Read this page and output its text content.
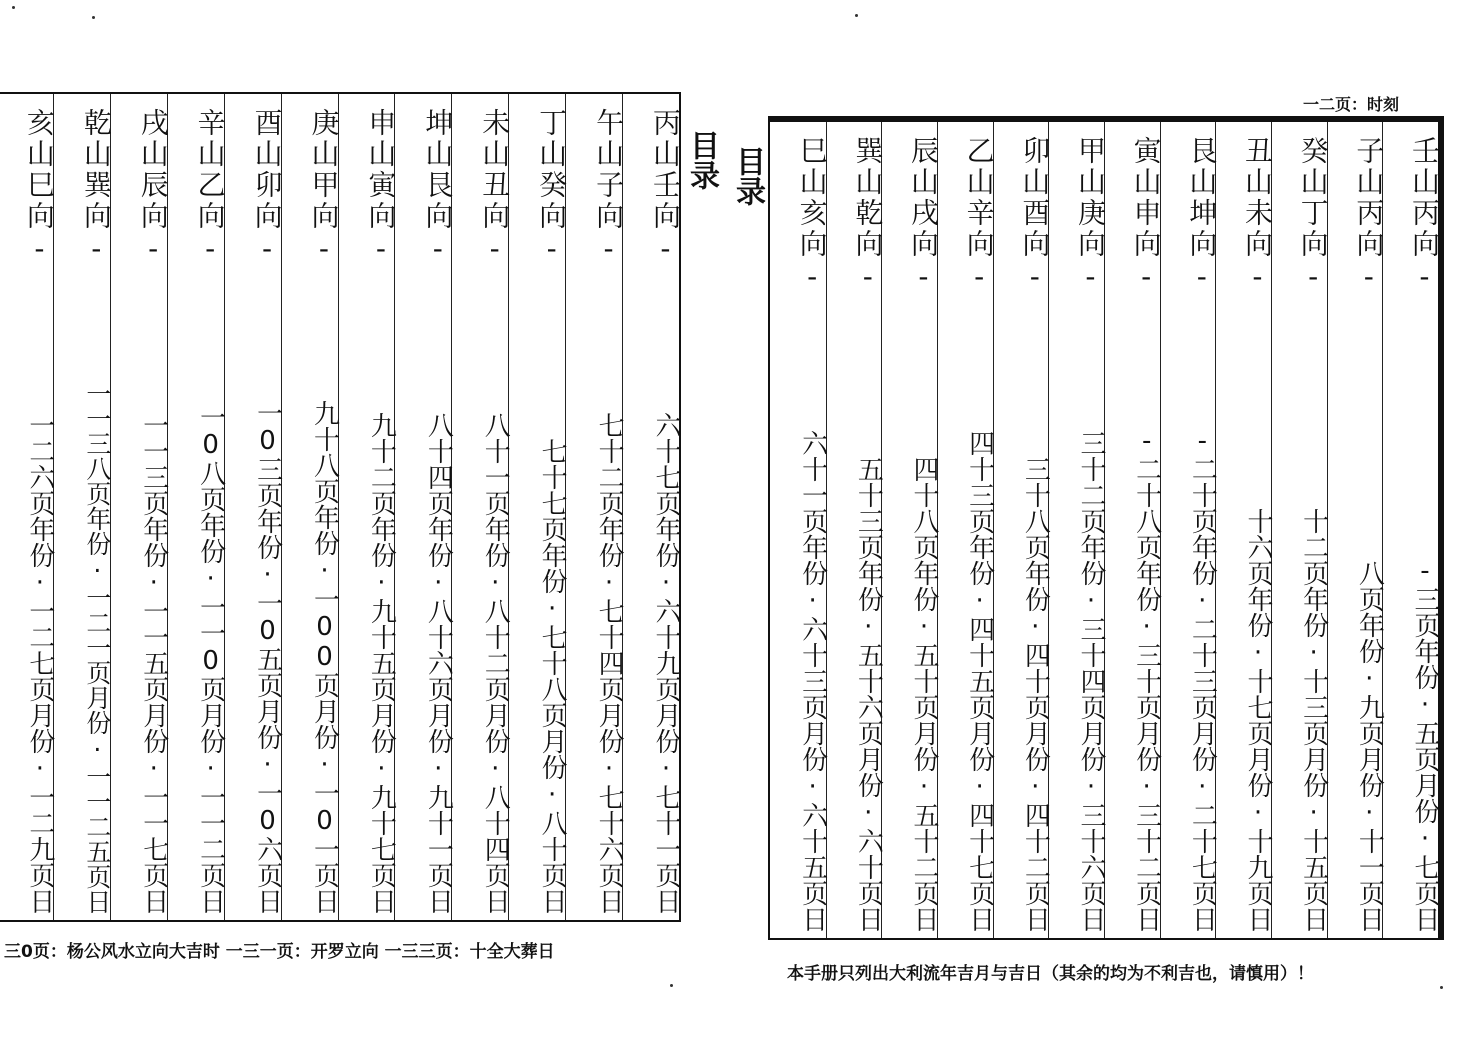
丙山壬向-
六十七页年份·六十九页月份·七十一页日
午山子向-
七十二页年份·七十四页月份·七十六页日
丁山癸向-
七十七页年份·七十八页月份·八十页日
未山丑向-
八十一页年份·八十二页月份·八十四页日
坤山艮向-
八十四页年份·八十六页月份·九十一页日
申山寅向-
九十二页年份·九十五页月份·九十七页日
庚山甲向-
九十八页年份·一00页月份·一0一页日
酉山卯向-
一0三页年份·一0五页月份·一0六页日
辛山乙向-
一0八页年份·一一0页月份·一一二页日
戌山辰向-
一一三页年份·一一五页月份·一一七页日
乾山巽向-
一一三八页年份·一二一页月份·一一二五页日
亥山巳向-
一二六页年份·一二七页月份·一二九页日
目录
三0页：杨公风水立向大吉时 一三一页：开罗立向 一三三页：十全大葬日
一二页：时刻
壬山丙向-
-三页年份·五页月份·七页日
子山丙向-
八页年份·九页月份·十一页日
癸山丁向-
十二页年份·十三页月份·十五页日
丑山未向-
十六页年份·十七页月份·十九页日
艮山坤向-
-二十页年份·二十三页月份·二十七页日
寅山申向-
-二十八页年份·三十页月份·三十二页日
甲山庚向-
三十二页年份·三十四页月份·三十六页日
卯山酉向-
三十八页年份·四十页月份·四十二页日
乙山辛向-
四十三页年份·四十五页月份·四十七页日
辰山戌向-
四十八页年份·五十页月份·五十二页日
巽山乾向-
五十三页年份·五十六页月份·六十页日
巳山亥向-
六十一页年份·六十三页月份·六十五页日
目录
本手册只列出大利流年吉月与吉日（其余的均为不利吉也，请慎用）！
